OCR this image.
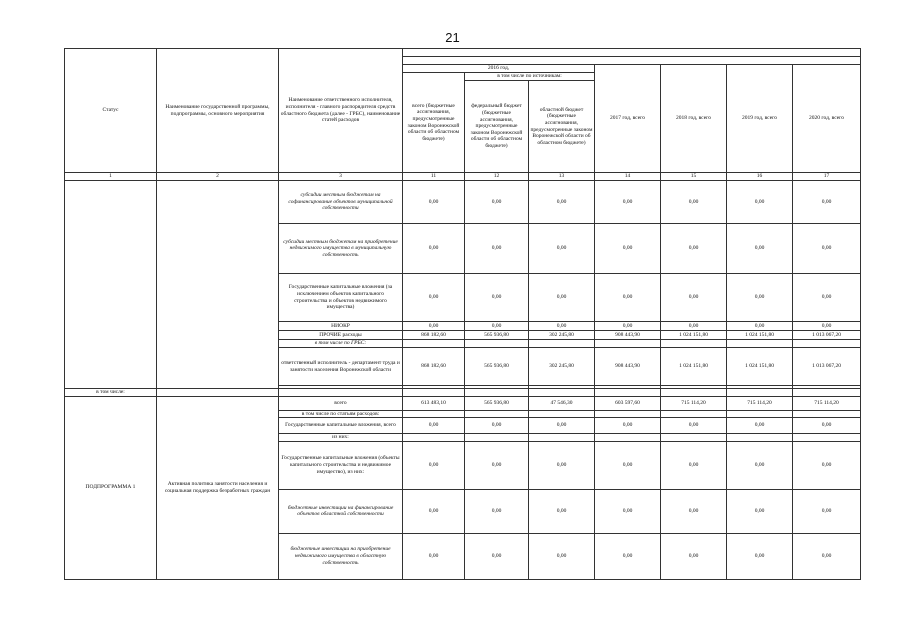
21
Статус	Наименование государственной программы, подпрограммы, основного мероприятия	Наименование ответственного исполнителя, исполнителя - главного распорядителя средств областного бюджета (далее - ГРБС), наименование статей расходов							

			2016 год,			2017 год, всего	2018 год, всего	2019 год, всего	2020 год, всего
			всего (бюджетные ассигнования, предусмотренные законом Воронежской области об областном бюджете)	в том числе по источникам:					
				федеральный бюджет (бюджетные ассигнования, предусмотренные законом Воронежской области об областном бюджете)	областной бюджет (бюджетные ассигнования, предусмотренные законом Воронежской области об областном бюджете)				

1	2	3	11	12	13	14	15	16	17
		субсидии местным бюджетам на софинансирование объектов муниципальной собственности	0,00	0,00	0,00	0,00	0,00	0,00	0,00
		субсидии местным бюджетам на приобретение недвижимого имущества в муниципальную собственность	0,00	0,00	0,00	0,00	0,00	0,00	0,00
		Государственные капитальные вложения (за исключением объектов капитального строительства и объектов недвижимого имущества)	0,00	0,00	0,00	0,00	0,00	0,00	0,00
		НИОКР	0,00	0,00	0,00	0,00	0,00	0,00	0,00
		ПРОЧИЕ расходы	868 182,60	565 936,80	302 245,80	908 443,90	1 024 151,80	1 024 151,80	1 013 067,20
		в том числе по ГРБС:							
		ответственный исполнитель - департамент труда и занятости населения Воронежской области	868 182,60	565 936,80	302 245,80	908 443,90	1 024 151,80	1 024 151,80	1 013 067,20

в том числе:									
ПОДПРОГРАММА 1	Активная политика занятости населения и социальная поддержка безработных граждан	всего	613 483,10	565 936,80	47 546,30	603 597,60	715 114,20	715 114,20	715 114,20
		в том числе по статьям расходов:							
		Государственные капитальные вложения, всего	0,00	0,00	0,00	0,00	0,00	0,00	0,00
		из них:							
		Государственные капитальные вложения (объекты капитального строительства и недвижимое имущество), из них:	0,00	0,00	0,00	0,00	0,00	0,00	0,00
		бюджетные инвестиции на финансирование объектов областной собственности	0,00	0,00	0,00	0,00	0,00	0,00	0,00
		бюджетные инвестиции на приобретение недвижимого имущества в областную собственность	0,00	0,00	0,00	0,00	0,00	0,00	0,00
